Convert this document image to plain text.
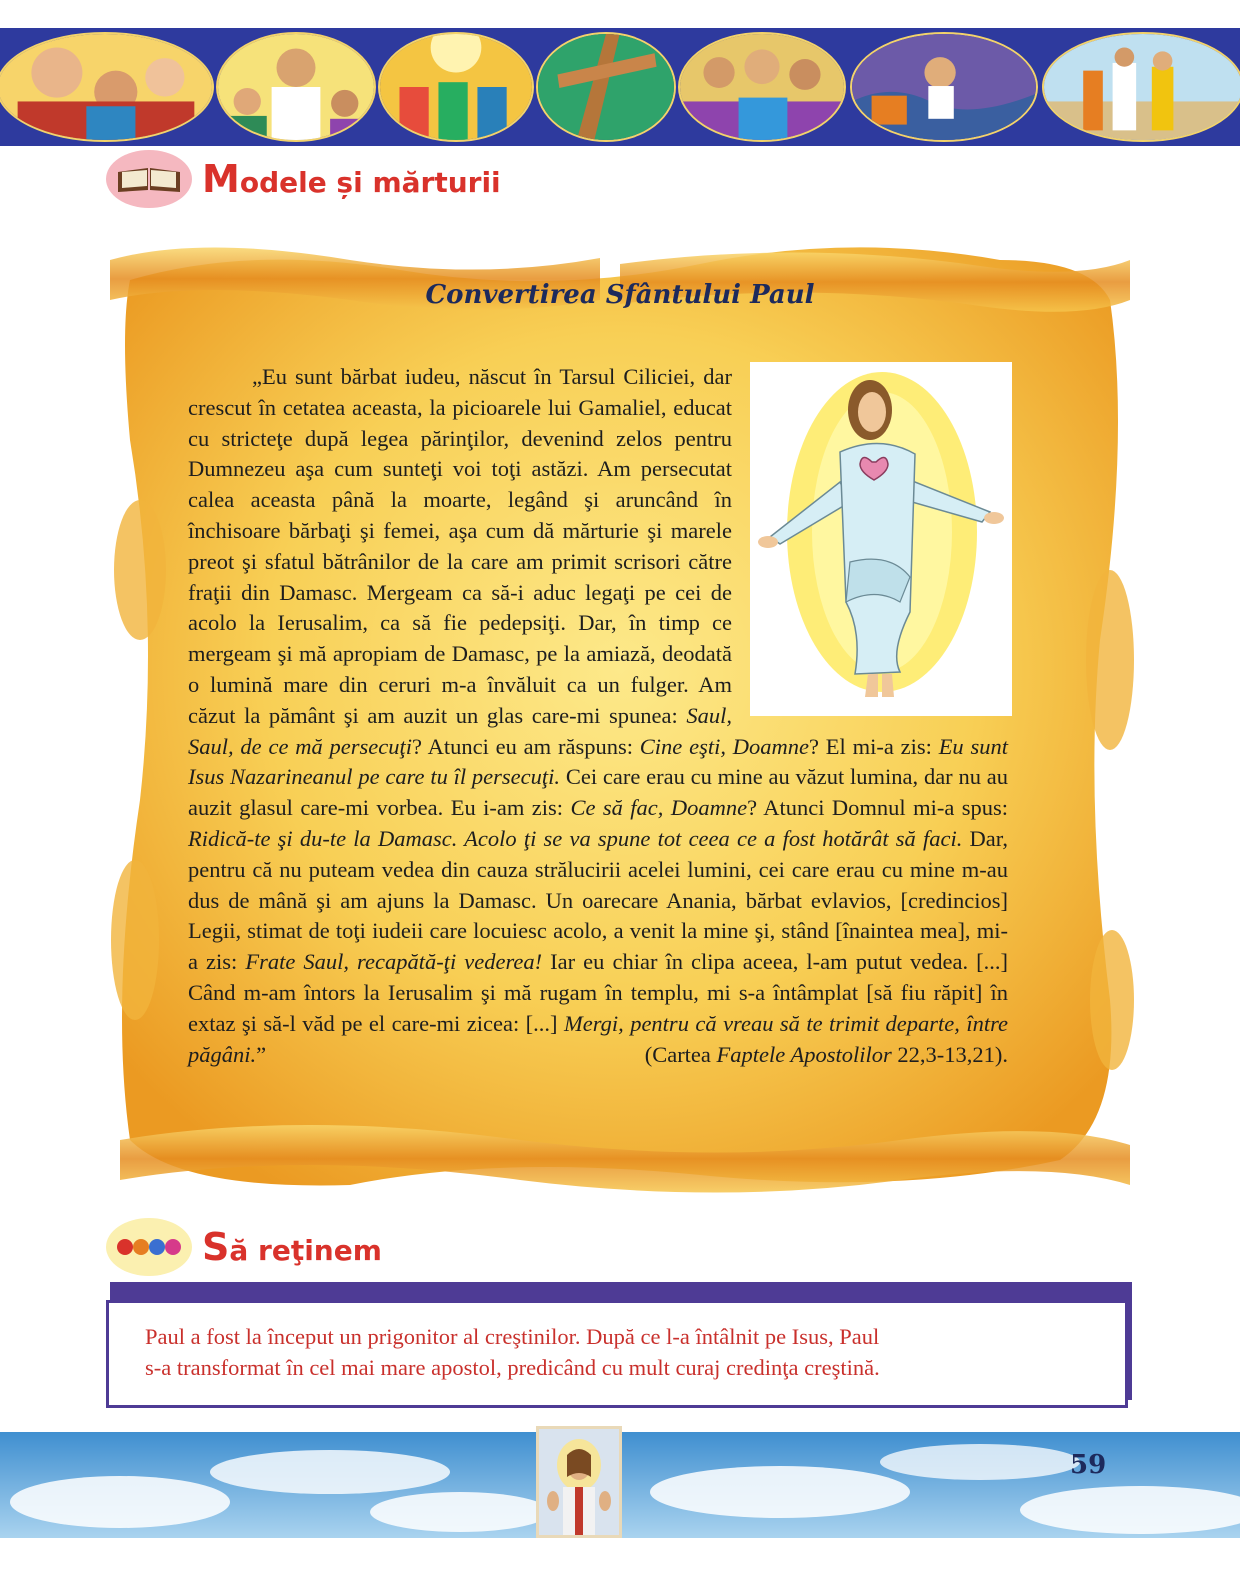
Modele și mărturii
Convertirea Sfântului Paul

„Eu sunt bărbat iudeu, născut în Tarsul Ciliciei, dar crescut în cetatea aceasta, la picioarele lui Gamaliel, educat cu stricteţe după legea părinţilor, devenind zelos pentru Dumnezeu aşa cum sunteţi voi toţi astăzi. Am persecutat calea aceasta până la moarte, legând şi aruncând în închisoare bărbaţi şi femei, aşa cum dă mărturie şi marele preot şi sfatul bătrânilor de la care am primit scrisori către fraţii din Damasc. Mergeam ca să-i aduc legaţi pe cei de acolo la Ierusalim, ca să fie pedepsiţi. Dar, în timp ce mergeam şi mă apropiam de Damasc, pe la amiază, deodată o lumină mare din ceruri m-a învăluit ca un fulger. Am căzut la pământ şi am auzit un glas care-mi spunea: Saul, Saul, de ce mă persecuţi? Atunci eu am răspuns: Cine eşti, Doamne? El mi-a zis: Eu sunt Isus Nazarineanul pe care tu îl persecuţi. Cei care erau cu mine au văzut lumina, dar nu au auzit glasul care-mi vorbea. Eu i-am zis: Ce să fac, Doamne? Atunci Domnul mi-a spus: Ridică-te şi du-te la Damasc. Acolo ţi se va spune tot ceea ce a fost hotărât să faci. Dar, pentru că nu puteam vedea din cauza strălucirii acelei lumini, cei care erau cu mine m-au dus de mână şi am ajuns la Damasc. Un oarecare Anania, bărbat evlavios, [credincios] Legii, stimat de toţi iudeii care locuiesc acolo, a venit la mine şi, stând [înaintea mea], mi-a zis: Frate Saul, recapătă-ţi vederea! Iar eu chiar în clipa aceea, l-am putut vedea. [...] Când m-am întors la Ierusalim şi mă rugam în templu, mi s-a întâmplat [să fiu răpit] în extaz şi să-l văd pe el care-mi zicea: [...] Mergi, pentru că vreau să te trimit departe, între păgâni.”	(Cartea Faptele Apostolilor 22,3-13,21).
Să reţinem
Paul a fost la început un prigonitor al creştinilor. După ce l-a întâlnit pe Isus, Paul
s-a transformat în cel mai mare apostol, predicând cu mult curaj credinţa creştină.
59
